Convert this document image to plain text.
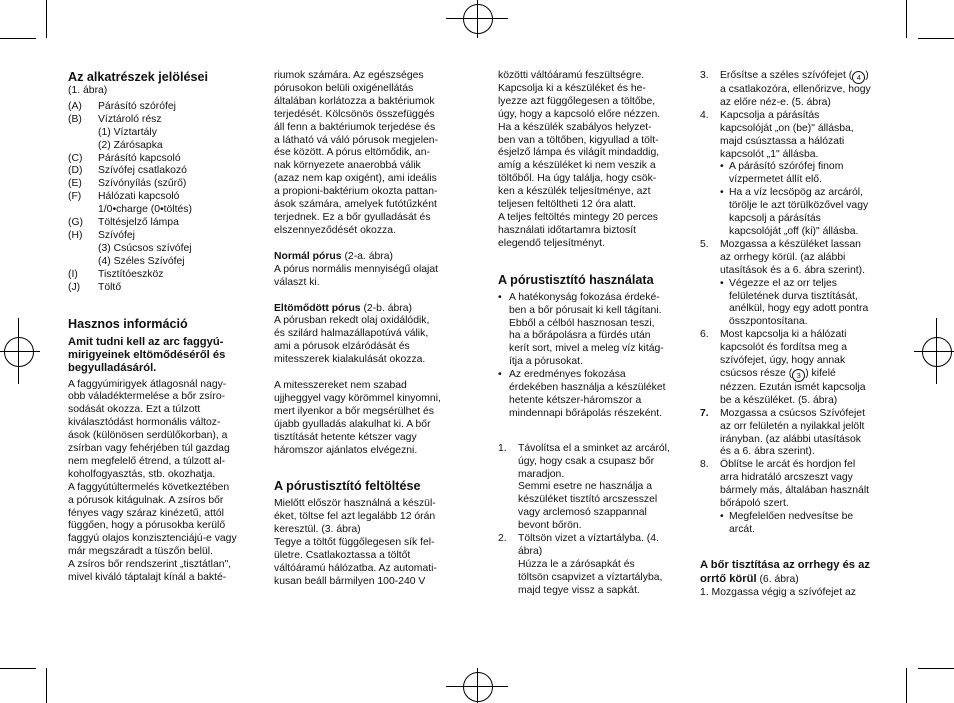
Az alkatrészek jelölései
(1. ábra)
(A)	Párásító szórófej
(B)	Víztároló rész
(1) Víztartály
(2) Zárósapka
(C)	Párásító kapcsoló
(D)	Szívófej csatlakozó
(E)	Szívónyílás (szűrő)
(F)	Hálózati kapcsoló
1/0•charge (0•töltés)
(G)	Töltésjelző lámpa
(H)	Szívófej
(3) Csúcsos szívófej
(4) Széles Szívófej
(I)	Tisztítóeszköz
(J)	Töltő
Hasznos információ
Amit tudni kell az arc faggyú-mirigyeinek eltömődéséről és begyulladásáról.
A faggyúmirigyek átlagosnál nagy-
obb váladéktermelése a bőr zsíro-
sodását okozza. Ezt a túlzott
kiválasztódást hormonális változ-
ások (különösen serdülőkorban), a
zsírban vagy fehérjében túl gazdag
nem megfelelő étrend, a túlzott al-
koholfogyasztás, stb. okozhatja.
A faggyútúltermelés következtében
a pórusok kitágulnak. A zsíros bőr
fényes vagy száraz kinézetű, attól
függően, hogy a pórusokba kerülő
faggyú olajos konzisztenciájú-e vagy
már megszáradt a tüszőn belül.
A zsíros bőr rendszerint „tisztátlan",
mivel kiváló táptalajt kínál a bakté-
riumok számára. Az egészséges
pórusokon belüli oxigénellátás
általában korlátozza a baktériumok
terjedését. Kölcsönös összefüggés
áll fenn a baktériumok terjedése és
a látható vá váló pórusok megjelen-
ése között. A pórus eltömődik, an-
nak környezete anaerobbá válik
(azaz nem kap oxigént), ami ideális
a propioni-baktérium okozta pattan-
ások számára, amelyek futótűzként
terjednek. Ez a bőr gyulladását és
elszennyeződését okozza.
Normál pórus (2-a. ábra)
A pórus normális mennyiségű olajat
választ ki.
Eltömődött pórus (2-b. ábra)
A pórusban rekedt olaj oxidálódik,
és szilárd halmazállapotúvá válik,
ami a pórusok elzáródását és
mitesszerek kialakulását okozza.
A mitesszereket nem szabad
ujjheggyel vagy körömmel kinyomni,
mert ilyenkor a bőr megsérülhet és
újabb gyulladás alakulhat ki. A bőr
tisztítását hetente kétszer vagy
háromszor ajánlatos elvégezni.
A pórustisztító feltöltése
Mielőtt először használná a készül-
éket, töltse fel azt legalább 12 órán
keresztül. (3. ábra)
Tegye a töltőt függőlegesen sík fel-
ületre. Csatlakoztassa a töltőt
váltóáramú hálózatba. Az automati-
kusan beáll bármilyen 100-240 V
közötti váltóáramú feszültségre.
Kapcsolja ki a készüléket és he-
lyezze azt függőlegesen a töltőbe,
úgy, hogy a kapcsoló előre nézzen.
Ha a készülék szabályos helyzet-
ben van a töltőben, kigyullad a tölt-
ésjelző lámpa és világít mindaddig,
amíg a készüléket ki nem veszik a
töltőből. Ha úgy találja, hogy csök-
ken a készülék teljesítménye, azt
teljesen feltöltheti 12 óra alatt.
A teljes feltöltés mintegy 20 perces
használati időtartamra biztosít
elegendő teljesítményt.
A pórustisztító használata
• A hatékonyság fokozása érdeké-
ben a bőr pórusait ki kell tágítani.
Ebből a célból hasznosan teszi,
ha a bőrápolásra a fürdés után
kerít sort, mivel a meleg víz kitág-
ítja a pórusokat.
• Az eredményes fokozása
érdekében használja a készüléket
hetente kétszer-háromszor a
mindennapi bőrápolás részeként.
1.	Távolítsa el a sminket az arcáról,
úgy, hogy csak a csupasz bőr
maradjon.
Semmi esetre ne használja a
készüléket tisztító arcszesszel
vagy arclemosó szappannal
bevont bőrön.
2.	Töltsön vizet a víztartályba. (4.
ábra)
Húzza le a zárósapkát és
töltsön csapvizet a víztartályba,
majd tegye vissz a sapkát.
3.	Erősítse a széles szívófejet ( 4 )
a csatlakozóra, ellenőrizve, hogy
az előre néz-e. (5. ábra)
4.	Kapcsolja a párásítás
kapcsolóját „on (be)" állásba,
majd csúsztassa a hálózati
kapcsolót „1" állásba.
• A párásító szórófej finom
vízpermetet állít elő.
• Ha a víz lecsöpög az arcáról,
törölje le azt törülközővel vagy
kapcsolj a párásítás
kapcsolóját „off (ki)" állásba.
5.	Mozgassa a készüléket lassan
az orrhegy körül. (az alábbi
utasítások és a 6. ábra szerint).
• Végezze el az orr teljes
felületének durva tisztítását,
anélkül, hogy egy adott pontra
összpontosítana.
6.	Most kapcsolja ki a hálózati
kapcsolót és fordítsa meg a
szívófejet, úgy, hogy annak
csúcsos része ( 3 ) kifelé
nézzen. Ezután ismét kapcsolja
be a készüléket. (5. ábra)
7.	Mozgassa a csúcsos Szívófejet
az orr felületén a nyilakkal jelölt
irányban. (az alábbi utasítások
és a 6. ábra szerint).
8.	Öblítse le arcát és hordjon fel
arra hidratáló arcszeszt vagy
bármely más, általában használt
bőrápoló szert.
• Megfelelően nedvesítse be
arcát.
A bőr tisztítása az orrhegy és az orrtő körül (6. ábra)
1. Mozgassa végig a szívófejet az
